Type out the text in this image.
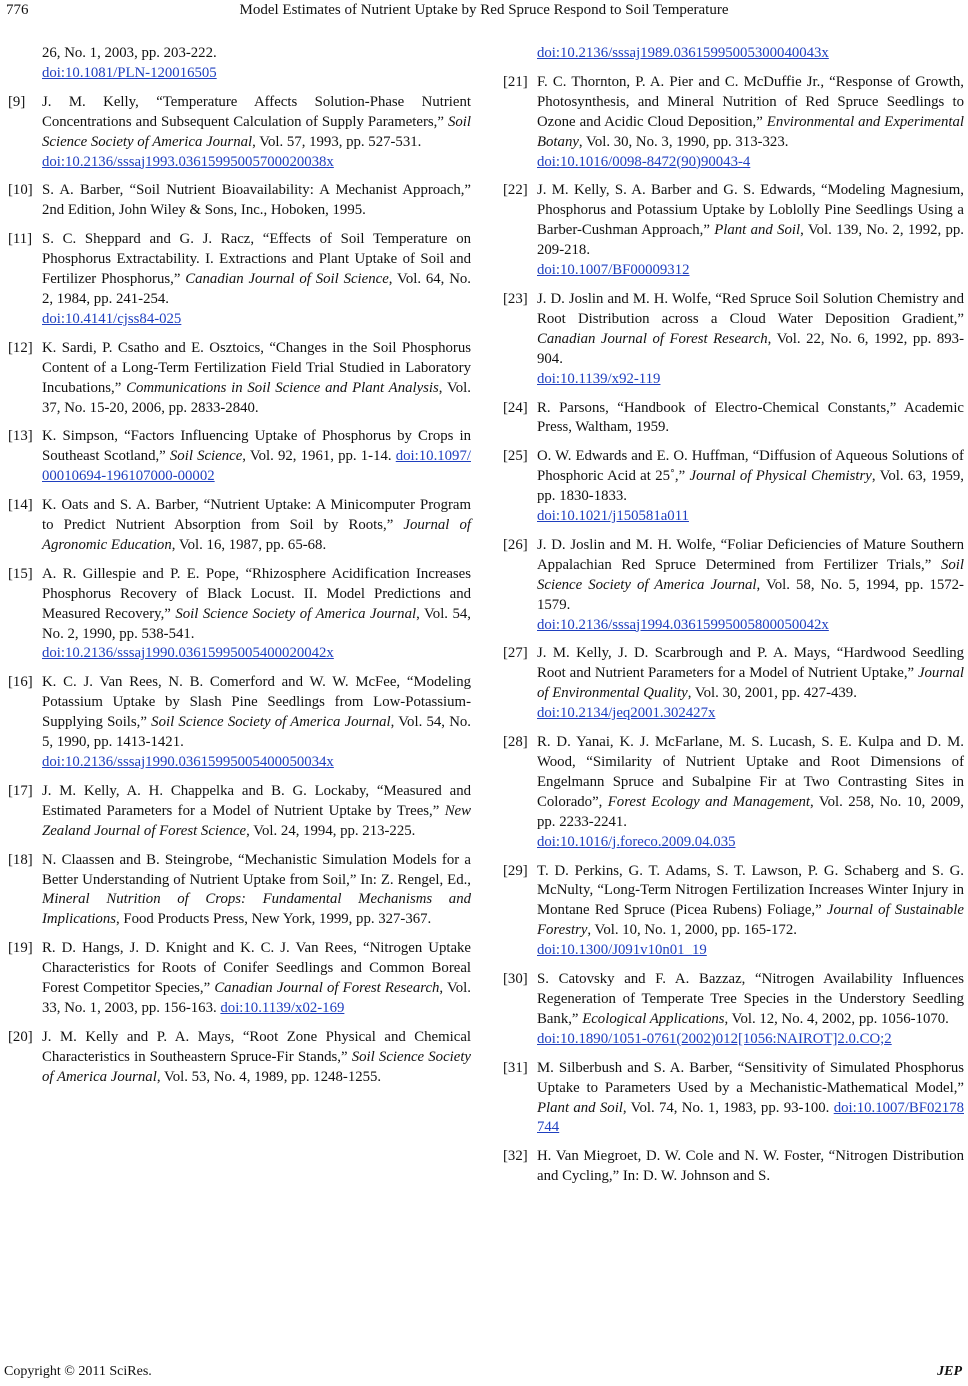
776	Model Estimates of Nutrient Uptake by Red Spruce Respond to Soil Temperature
26, No. 1, 2003, pp. 203-222.
doi:10.1081/PLN-120016505
[9] J. M. Kelly, “Temperature Affects Solution-Phase Nutrient Concentrations and Subsequent Calculation of Supply Parameters,” Soil Science Society of America Journal, Vol. 57, 1993, pp. 527-531.
doi:10.2136/sssaj1993.03615995005700020038x
[10] S. A. Barber, “Soil Nutrient Bioavailability: A Mechanist Approach,” 2nd Edition, John Wiley & Sons, Inc., Hoboken, 1995.
[11] S. C. Sheppard and G. J. Racz, “Effects of Soil Temperature on Phosphorus Extractability. I. Extractions and Plant Uptake of Soil and Fertilizer Phosphorus,” Canadian Journal of Soil Science, Vol. 64, No. 2, 1984, pp. 241-254.
doi:10.4141/cjss84-025
[12] K. Sardi, P. Csatho and E. Osztoics, “Changes in the Soil Phosphorus Content of a Long-Term Fertilization Field Trial Studied in Laboratory Incubations,” Communications in Soil Science and Plant Analysis, Vol. 37, No. 15-20, 2006, pp. 2833-2840.
[13] K. Simpson, “Factors Influencing Uptake of Phosphorus by Crops in Southeast Scotland,” Soil Science, Vol. 92, 1961, pp. 1-14. doi:10.1097/00010694-196107000-00002
[14] K. Oats and S. A. Barber, “Nutrient Uptake: A Minicomputer Program to Predict Nutrient Absorption from Soil by Roots,” Journal of Agronomic Education, Vol. 16, 1987, pp. 65-68.
[15] A. R. Gillespie and P. E. Pope, “Rhizosphere Acidification Increases Phosphorus Recovery of Black Locust. II. Model Predictions and Measured Recovery,” Soil Science Society of America Journal, Vol. 54, No. 2, 1990, pp. 538-541.
doi:10.2136/sssaj1990.03615995005400020042x
[16] K. C. J. Van Rees, N. B. Comerford and W. W. McFee, “Modeling Potassium Uptake by Slash Pine Seedlings from Low-Potassium-Supplying Soils,” Soil Science Society of America Journal, Vol. 54, No. 5, 1990, pp. 1413-1421.
doi:10.2136/sssaj1990.03615995005400050034x
[17] J. M. Kelly, A. H. Chappelka and B. G. Lockaby, “Measured and Estimated Parameters for a Model of Nutrient Uptake by Trees,” New Zealand Journal of Forest Science, Vol. 24, 1994, pp. 213-225.
[18] N. Claassen and B. Steingrobe, “Mechanistic Simulation Models for a Better Understanding of Nutrient Uptake from Soil,” In: Z. Rengel, Ed., Mineral Nutrition of Crops: Fundamental Mechanisms and Implications, Food Products Press, New York, 1999, pp. 327-367.
[19] R. D. Hangs, J. D. Knight and K. C. J. Van Rees, “Nitrogen Uptake Characteristics for Roots of Conifer Seedlings and Common Boreal Forest Competitor Species,” Canadian Journal of Forest Research, Vol. 33, No. 1, 2003, pp. 156-163. doi:10.1139/x02-169
[20] J. M. Kelly and P. A. Mays, “Root Zone Physical and Chemical Characteristics in Southeastern Spruce-Fir Stands,” Soil Science Society of America Journal, Vol. 53, No. 4, 1989, pp. 1248-1255.
doi:10.2136/sssaj1989.03615995005300040043x
[21] F. C. Thornton, P. A. Pier and C. McDuffie Jr., “Response of Growth, Photosynthesis, and Mineral Nutrition of Red Spruce Seedlings to Ozone and Acidic Cloud Deposition,” Environmental and Experimental Botany, Vol. 30, No. 3, 1990, pp. 313-323.
doi:10.1016/0098-8472(90)90043-4
[22] J. M. Kelly, S. A. Barber and G. S. Edwards, “Modeling Magnesium, Phosphorus and Potassium Uptake by Loblolly Pine Seedlings Using a Barber-Cushman Approach,” Plant and Soil, Vol. 139, No. 2, 1992, pp. 209-218.
doi:10.1007/BF00009312
[23] J. D. Joslin and M. H. Wolfe, “Red Spruce Soil Solution Chemistry and Root Distribution across a Cloud Water Deposition Gradient,” Canadian Journal of Forest Research, Vol. 22, No. 6, 1992, pp. 893-904.
doi:10.1139/x92-119
[24] R. Parsons, “Handbook of Electro-Chemical Constants,” Academic Press, Waltham, 1959.
[25] O. W. Edwards and E. O. Huffman, “Diffusion of Aqueous Solutions of Phosphoric Acid at 25˚,” Journal of Physical Chemistry, Vol. 63, 1959, pp. 1830-1833.
doi:10.1021/j150581a011
[26] J. D. Joslin and M. H. Wolfe, “Foliar Deficiencies of Mature Southern Appalachian Red Spruce Determined from Fertilizer Trials,” Soil Science Society of America Journal, Vol. 58, No. 5, 1994, pp. 1572-1579.
doi:10.2136/sssaj1994.03615995005800050042x
[27] J. M. Kelly, J. D. Scarbrough and P. A. Mays, “Hardwood Seedling Root and Nutrient Parameters for a Model of Nutrient Uptake,” Journal of Environmental Quality, Vol. 30, 2001, pp. 427-439.
doi:10.2134/jeq2001.302427x
[28] R. D. Yanai, K. J. McFarlane, M. S. Lucash, S. E. Kulpa and D. M. Wood, “Similarity of Nutrient Uptake and Root Dimensions of Engelmann Spruce and Subalpine Fir at Two Contrasting Sites in Colorado”, Forest Ecology and Management, Vol. 258, No. 10, 2009, pp. 2233-2241.
doi:10.1016/j.foreco.2009.04.035
[29] T. D. Perkins, G. T. Adams, S. T. Lawson, P. G. Schaberg and S. G. McNulty, “Long-Term Nitrogen Fertilization Increases Winter Injury in Montane Red Spruce (Picea Rubens) Foliage,” Journal of Sustainable Forestry, Vol. 10, No. 1, 2000, pp. 165-172.
doi:10.1300/J091v10n01_19
[30] S. Catovsky and F. A. Bazzaz, “Nitrogen Availability Influences Regeneration of Temperate Tree Species in the Understory Seedling Bank,” Ecological Applications, Vol. 12, No. 4, 2002, pp. 1056-1070.
doi:10.1890/1051-0761(2002)012[1056:NAIROT]2.0.CO;2
[31] M. Silberbush and S. A. Barber, “Sensitivity of Simulated Phosphorus Uptake to Parameters Used by a Mechanistic-Mathematical Model,” Plant and Soil, Vol. 74, No. 1, 1983, pp. 93-100. doi:10.1007/BF02178744
[32] H. Van Miegroet, D. W. Cole and N. W. Foster, “Nitrogen Distribution and Cycling,” In: D. W. Johnson and S.
Copyright © 2011 SciRes.	JEP
